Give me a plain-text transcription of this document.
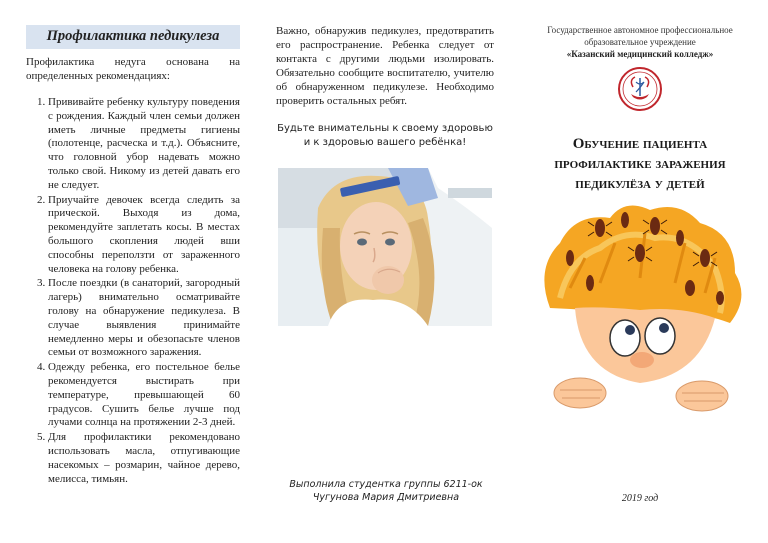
Профилактика педикулеза

Профилактика недуга основана на определенных рекомендациях:

1. Прививайте ребенку культуру поведения с рождения. Каждый член семьи должен иметь личные предметы гигиены (полотенце, расческа и т.д.). Объясните, что головной убор надевать можно только свой. Никому из детей давать его не следует.
2. Приучайте девочек всегда следить за прической. Выходя из дома, рекомендуйте заплетать косы. В местах большого скопления людей вши способны переползти от зараженного человека на голову ребенка.
3. После поездки (в санаторий, загородный лагерь) внимательно осматривайте голову на обнаружение педикулеза. В случае выявления принимайте немедленно меры и обезопасьте членов семьи от возможного заражения.
4. Одежду ребенка, его постельное белье рекомендуется выстирать при температуре, превышающей 60 градусов. Сушить белье лучше под лучами солнца на протяжении 2-3 дней.
5. Для профилактики рекомендовано использовать масла, отпугивающие насекомых – розмарин, чайное дерево, мелисса, тимьян.

Важно, обнаружив педикулез, предотвратить его распространение. Ребенка следует от контакта с другими людьми изолировать. Обязательно сообщите воспитателю, учителю об обнаруженном педикулезе. Необходимо проверить остальных ребят.

Будьте внимательны к своему здоровью и к здоровью вашего ребёнка!

Выполнила студентка группы 6211-ок
Чугунова Мария Дмитриевна

Государственное автономное профессиональное

образовательное учреждение

«Казанский медицинский колледж»

Обучение пациента
профилактике заражения
педикулёза у детей
2019 год
